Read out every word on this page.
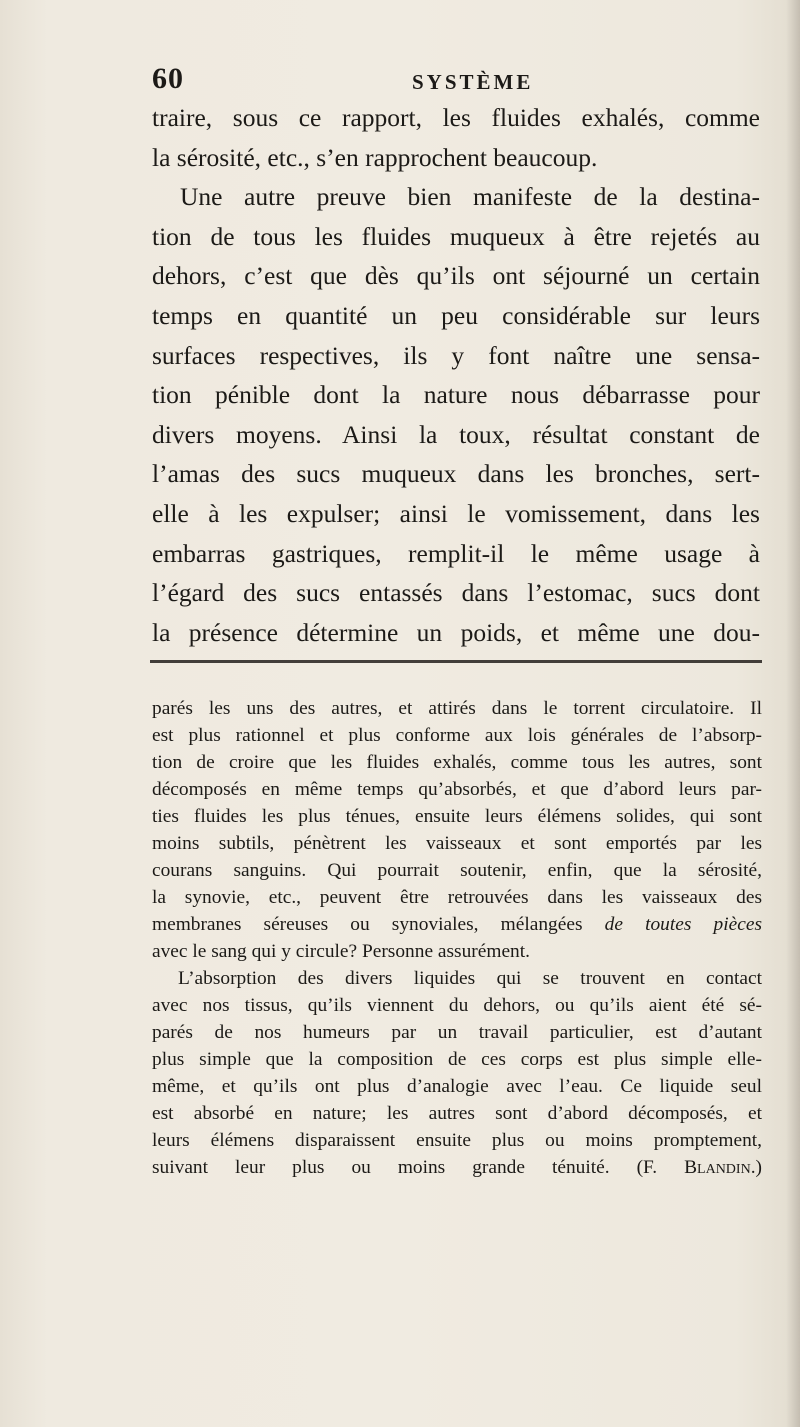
60	SYSTÈME
traire, sous ce rapport, les fluides exhalés, comme
la sérosité, etc., s’en rapprochent beaucoup.
Une autre preuve bien manifeste de la destina-
tion de tous les fluides muqueux à être rejetés au
dehors, c’est que dès qu’ils ont séjourné un certain
temps en quantité un peu considérable sur leurs
surfaces respectives, ils y font naître une sensa-
tion pénible dont la nature nous débarrasse pour
divers moyens. Ainsi la toux, résultat constant de
l’amas des sucs muqueux dans les bronches, sert-
elle à les expulser; ainsi le vomissement, dans les
embarras gastriques, remplit-il le même usage à
l’égard des sucs entassés dans l’estomac, sucs dont
la présence détermine un poids, et même une dou-
parés les uns des autres, et attirés dans le torrent circulatoire. Il
est plus rationnel et plus conforme aux lois générales de l’absorp-
tion de croire que les fluides exhalés, comme tous les autres, sont
décomposés en même temps qu’absorbés, et que d’abord leurs par-
ties fluides les plus ténues, ensuite leurs élémens solides, qui sont
moins subtils, pénètrent les vaisseaux et sont emportés par les
courans sanguins. Qui pourrait soutenir, enfin, que la sérosité,
la synovie, etc., peuvent être retrouvées dans les vaisseaux des
membranes séreuses ou synoviales, mélangées de toutes pièces
avec le sang qui y circule? Personne assurément.
L’absorption des divers liquides qui se trouvent en contact
avec nos tissus, qu’ils viennent du dehors, ou qu’ils aient été sé-
parés de nos humeurs par un travail particulier, est d’autant
plus simple que la composition de ces corps est plus simple elle-
même, et qu’ils ont plus d’analogie avec l’eau. Ce liquide seul
est absorbé en nature; les autres sont d’abord décomposés, et
leurs élémens disparaissent ensuite plus ou moins promptement,
suivant leur plus ou moins grande ténuité. (F. Blandin.)
